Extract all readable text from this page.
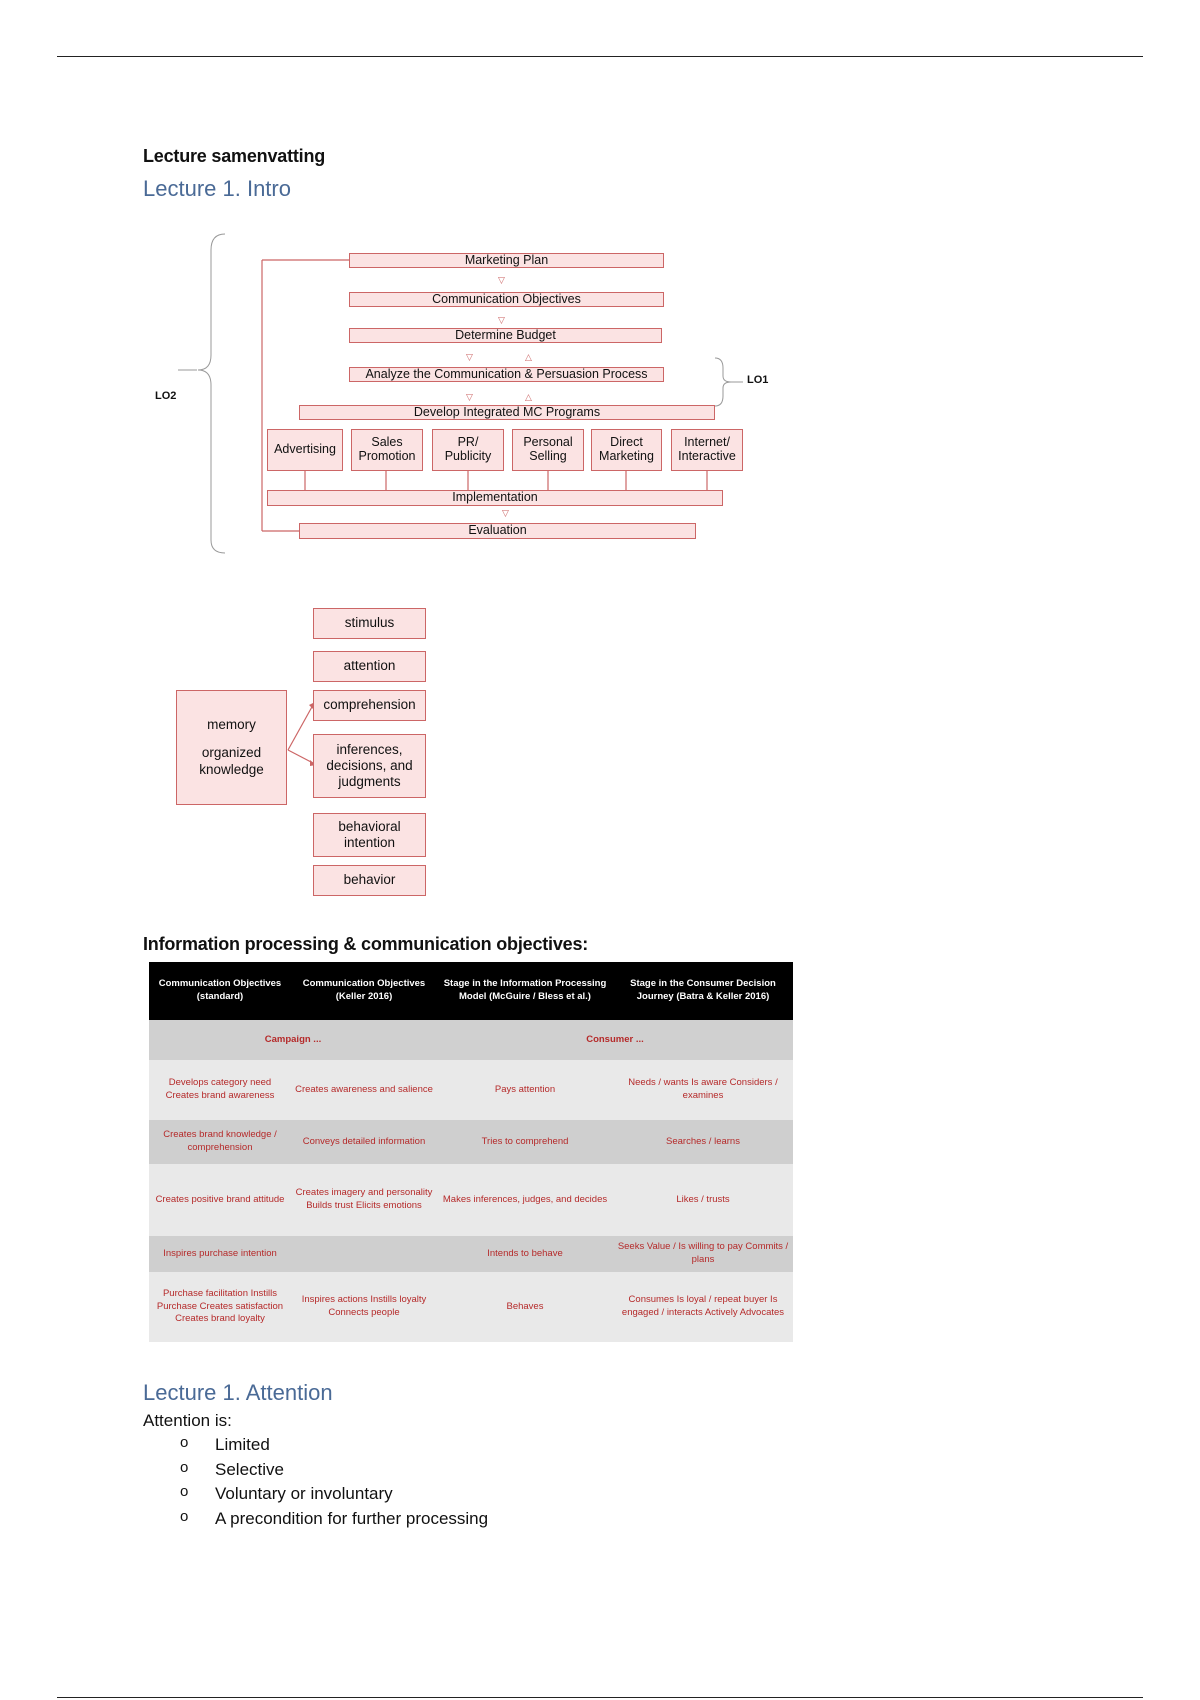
Lecture samenvatting
Lecture 1. Intro
▽
▽
▽	△
▽	△
▽
LO2
LO1
Marketing Plan
Communication Objectives
Determine Budget
Analyze the Communication & Persuasion Process
Develop Integrated MC Programs
Advertising	Sales Promotion
PR/ Publicity
Personal Selling
Direct Marketing
Internet/ Interactive
Implementation
Evaluation
memory
organized knowledge
stimulus
attention
comprehension
inferences, decisions, and judgments
behavioral intention
behavior
Information processing & communication objectives:
Communication Objectives (standard)	Communication Objectives (Keller 2016)	Stage in the Information Processing Model (McGuire / Bless et al.)	Stage in the Consumer Decision Journey (Batra & Keller 2016)
Campaign ...		Consumer ...	
Develops category need Creates brand awareness	Creates awareness and salience	Pays attention	Needs / wants Is aware Considers / examines
Creates brand knowledge / comprehension	Conveys detailed information	Tries to comprehend	Searches / learns
Creates positive brand attitude	Creates imagery and personality Builds trust Elicits emotions	Makes inferences, judges, and decides	Likes / trusts
Inspires purchase intention		Intends to behave	Seeks Value / Is willing to pay Commits / plans
Purchase facilitation Instills Purchase Creates satisfaction Creates brand loyalty	Inspires actions Instills loyalty Connects people	Behaves	Consumes Is loyal / repeat buyer Is engaged / interacts Actively Advocates
Lecture 1. Attention
Attention is:
o Limited
o Selective
o Voluntary or involuntary
o A precondition for further processing
